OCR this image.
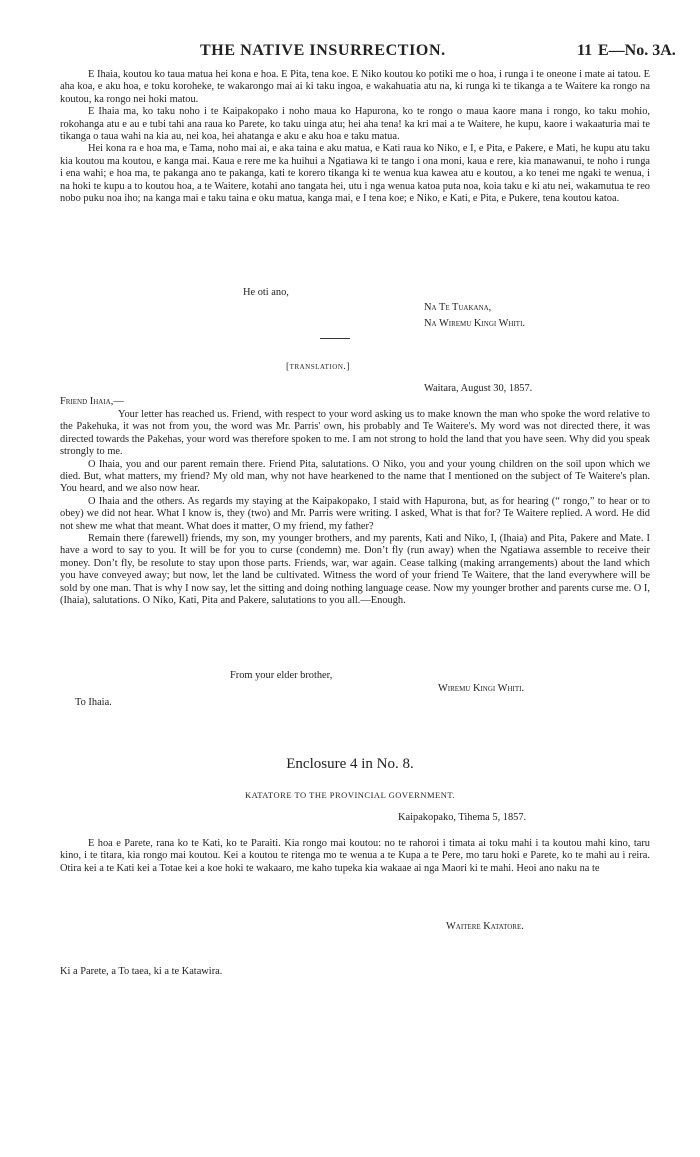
THE NATIVE INSURRECTION.	11 E—No. 3A.

E Ihaia, koutou ko taua matua hei kona e hoa. E Pita, tena koe. E Niko koutou ko potiki me o hoa, i runga i te oneone i mate ai tatou. E aha koa, e aku hoa, e toku koroheke, te wakarongo mai ai ki taku ingoa, e wakahuatia atu na, ki runga ki te tikanga a te Waitere ka rongo na koutou, ka rongo nei hoki matou.

E Ihaia ma, ko taku noho i te Kaipakopako i noho maua ko Hapurona, ko te rongo o maua kaore mana i rongo, ko taku mohio, rokohanga atu e au e tubi tahi ana raua ko Parete, ko taku uinga atu; hei aha tena! ka kri mai a te Waitere, he kupu, kaore i wakaaturia mai te tikanga o taua wahi na kia au, nei koa, hei ahatanga e aku e aku hoa e taku matua.

Hei kona ra e hoa ma, e Tama, noho mai ai, e aka taina e aku matua, e Kati raua ko Niko, e I, e Pita, e Pakere, e Mati, he kupu atu taku kia koutou ma koutou, e kanga mai. Kaua e rere me ka huihui a Ngatiawa ki te tango i ona moni, kaua e rere, kia manawanui, te noho i runga i ena wahi; e hoa ma, te pakanga ano te pakanga, kati te korero tikanga ki te wenua kua kawea atu e koutou, a ko tenei me ngaki te wenua, i na hoki te kupu a to koutou hoa, a te Waitere, kotahi ano tangata hei, utu i nga wenua katoa puta noa, koia taku e ki atu nei, wakamutua te reo nobo puku noa iho; na kanga mai e taku taina e oku matua, kanga mai, e I tena koe; e Niko, e Kati, e Pita, e Pukere, tena koutou katoa.

He oti ano,
Na Te Tuakana,
Na Wiremu Kingi Whiti.
[translation.]
Waitara, August 30, 1857.
Friend Ihaia,—

Your letter has reached us. Friend, with respect to your word asking us to make known the man who spoke the word relative to the Pakehuka, it was not from you, the word was Mr. Parris' own, his probably and Te Waitere's. My word was not directed there, it was directed towards the Pakehas, your word was therefore spoken to me. I am not strong to hold the land that you have seen. Why did you speak strongly to me.

O Ihaia, you and our parent remain there. Friend Pita, salutations. O Niko, you and your young children on the soil upon which we died. But, what matters, my friend? My old man, why not have hearkened to the name that I mentioned on the subject of Te Waitere's plan. You heard, and we also now hear.

O Ihaia and the others. As regards my staying at the Kaipakopako, I staid with Hapurona, but, as for hearing (“ rongo,” to hear or to obey) we did not hear. What I know is, they (two) and Mr. Parris were writing. I asked, What is that for? Te Waitere replied. A word. He did not shew me what that meant. What does it matter, O my friend, my father?

Remain there (farewell) friends, my son, my younger brothers, and my parents, Kati and Niko, I, (Ihaia) and Pita, Pakere and Mate. I have a word to say to you. It will be for you to curse (condemn) me. Don’t fly (run away) when the Ngatiawa assemble to receive their money. Don’t fly, be resolute to stay upon those parts. Friends, war, war again. Cease talking (making arrangements) about the land which you have conveyed away; but now, let the land be cultivated. Witness the word of your friend Te Waitere, that the land everywhere will be sold by one man. That is why I now say, let the sitting and doing nothing language cease. Now my younger brother and parents curse me. O I, (Ihaia), salutations. O Niko, Kati, Pita and Pakere, salutations to you all.—Enough.

From your elder brother,
Wiremu Kingi Whiti.
To Ihaia.
Enclosure 4 in No. 8.
KATATORE TO THE PROVINCIAL GOVERNMENT.
Kaipakopako, Tihema 5, 1857.

E hoa e Parete, rana ko te Kati, ko te Paraiti. Kia rongo mai koutou: no te rahoroi i timata ai toku mahi i ta koutou mahi kino, taru kino, i te titara, kia rongo mai koutou. Kei a koutou te ritenga mo te wenua a te Kupa a te Pere, mo taru hoki e Parete, ko te mahi au i reira. Otira kei a te Kati kei a Totae kei a koe hoki te wakaaro, me kaho tupeka kia wakaae ai nga Maori ki te mahi. Heoi ano naku na te

Waitere Katatore.
Ki a Parete, a To taea, ki a te Katawira.
